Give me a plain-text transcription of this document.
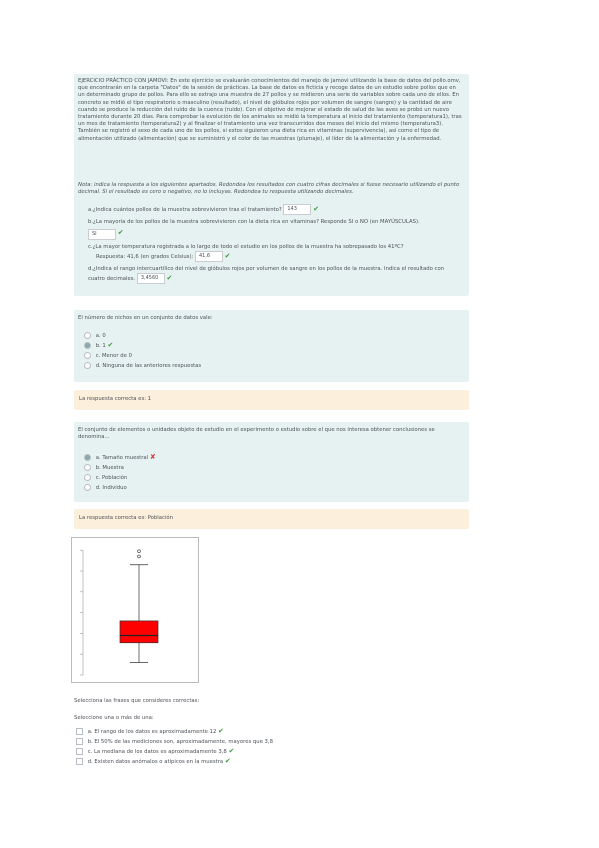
EJERCICIO PRÁCTICO CON JAMOVI: En este ejercicio se evaluarán conocimientos del manejo de jamovi utilizando la base de datos del pollo.omv, que encontrarán en la carpeta "Datos" de la sesión de prácticas. La base de datos es ficticia y recoge datos de un estudio sobre pollos que en un determinado grupo de pollos. Para ello se extrajo una muestra de 27 pollos y se midieron una serie de variables sobre cada uno de ellos. En concreto se midió el tipo respiratorio o masculino (resultado), el nivel de glóbulos rojos por volumen de sangre (sangre) y la cantidad de aire cuando se produce la reducción del ruido de la cuenca (ruido). Con el objetivo de mejorar el estado de salud de las aves se probó un nuevo tratamiento durante 20 días. Para comprobar la evolución de los animales se midió la temperatura al inicio del tratamiento (temperatura1), tras un mes de tratamiento (temperatura2) y al finalizar el tratamiento una vez transcurridos dos meses del inicio del mismo (temperatura3). También se registró el sexo de cada uno de los pollos, si estos siguieron una dieta rica en vitaminas (supervivencia), así como el tipo de alimentación utilizado (alimentación) que se suministró y el color de las muestras (plumaje), el líder de la alimentación y la enfermedad.
Nota: indica la respuesta a los siguientes apartados. Redondea los resultados con cuatro cifras decimales si fuese necesario utilizando el punto decimal. Si el resultado es cero o negativo, no lo incluyas. Redondea tu respuesta utilizando decimales.
a.¿Indica cuántos pollos de la muestra sobrevivieron tras el tratamiento? 143 ✔
b.¿La mayoría de los pollos de la muestra sobrevivieron con la dieta rica en vitaminas? Responde SI o NO (en MAYÚSCULAS).
SI	✔
c.¿La mayor temperatura registrada a lo largo de todo el estudio en los pollos de la muestra ha sobrepasado los 41ºC?
Respuesta: 41,6 (en grados Celsius): 41,6 ✔
d.¿Indica el rango intercuartílico del nivel de glóbulos rojos por volumen de sangre en los pollos de la muestra. Indica el resultado con cuatro decimales. 3,4560 ✔
El número de nichos en un conjunto de datos vale:
a. 0
b. 1 ✔
c. Menor de 0
d. Ninguna de las anteriores respuestas
La respuesta correcta es: 1
El conjunto de elementos o unidades objeto de estudio en el experimento o estudio sobre el que nos interesa obtener conclusiones se denomina...
a. Tamaño muestral ✘
b. Muestra
c. Población
d. Individuo
La respuesta correcta es: Población
Selecciona las frases que consideres correctas:
Seleccione una o más de una:
a. El rango de los datos es aproximadamente 12 ✔
b. El 50% de las mediciones son, aproximadamente, mayores que 3,8
c. La mediana de los datos es aproximadamente 3,8 ✔
d. Existen datos anómalos o atípicos en la muestra ✔
